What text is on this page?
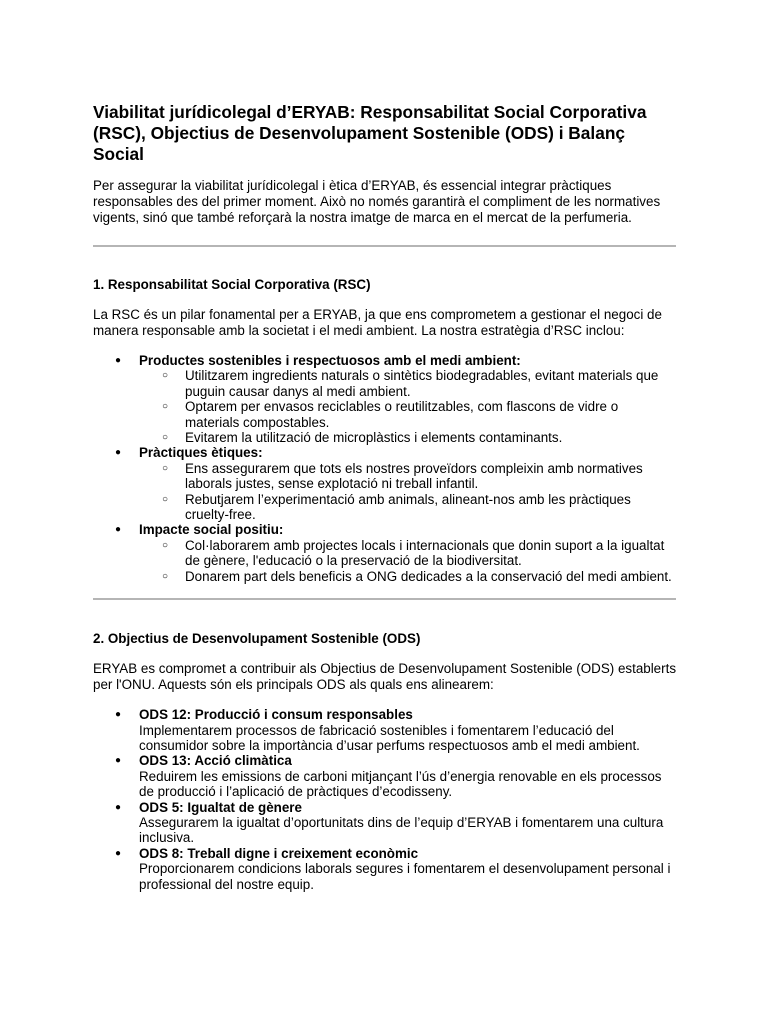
Viabilitat jurídicolegal d’ERYAB: Responsabilitat Social Corporativa (RSC), Objectius de Desenvolupament Sostenible (ODS) i Balanç Social

Per assegurar la viabilitat jurídicolegal i ètica d’ERYAB, és essencial integrar pràctiques responsables des del primer moment. Això no només garantirà el compliment de les normatives vigents, sinó que també reforçarà la nostra imatge de marca en el mercat de la perfumeria.

1. Responsabilitat Social Corporativa (RSC)

La RSC és un pilar fonamental per a ERYAB, ja que ens comprometem a gestionar el negoci de manera responsable amb la societat i el medi ambient. La nostra estratègia d’RSC inclou:

● Productes sostenibles i respectuosos amb el medi ambient:
○ Utilitzarem ingredients naturals o sintètics biodegradables, evitant materials que puguin causar danys al medi ambient.
○ Optarem per envasos reciclables o reutilitzables, com flascons de vidre o materials compostables.
○ Evitarem la utilització de microplàstics i elements contaminants.
● Pràctiques ètiques:
○ Ens assegurarem que tots els nostres proveïdors compleixin amb normatives laborals justes, sense explotació ni treball infantil.
○ Rebutjarem l’experimentació amb animals, alineant-nos amb les pràctiques cruelty-free.
● Impacte social positiu:
○ Col·laborarem amb projectes locals i internacionals que donin suport a la igualtat de gènere, l'educació o la preservació de la biodiversitat.
○ Donarem part dels beneficis a ONG dedicades a la conservació del medi ambient.
2. Objectius de Desenvolupament Sostenible (ODS)

ERYAB es compromet a contribuir als Objectius de Desenvolupament Sostenible (ODS) establerts per l'ONU. Aquests són els principals ODS als quals ens alinearem:

● ODS 12: Producció i consum responsables
Implementarem processos de fabricació sostenibles i fomentarem l’educació del consumidor sobre la importància d’usar perfums respectuosos amb el medi ambient.
● ODS 13: Acció climàtica
Reduirem les emissions de carboni mitjançant l’ús d’energia renovable en els processos de producció i l’aplicació de pràctiques d’ecodisseny.
● ODS 5: Igualtat de gènere
Assegurarem la igualtat d’oportunitats dins de l’equip d’ERYAB i fomentarem una cultura inclusiva.
● ODS 8: Treball digne i creixement econòmic
Proporcionarem condicions laborals segures i fomentarem el desenvolupament personal i professional del nostre equip.
